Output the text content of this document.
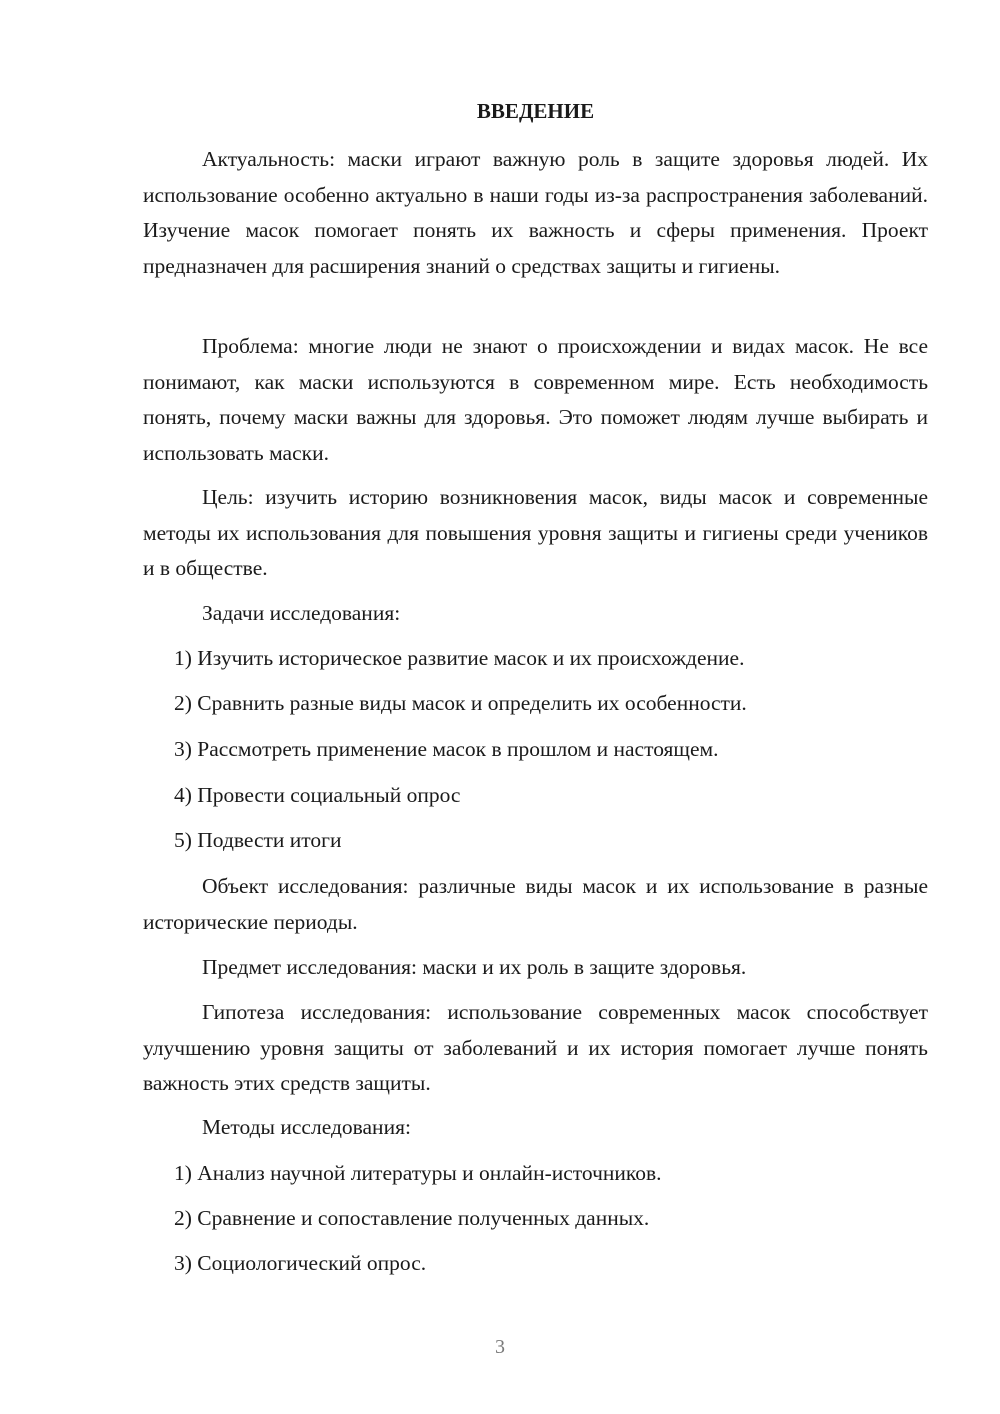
ВВЕДЕНИЕ

Актуальность: маски играют важную роль в защите здоровья людей. Их использование особенно актуально в наши годы из-за распространения заболеваний. Изучение масок помогает понять их важность и сферы применения. Проект предназначен для расширения знаний о средствах защиты и гигиены.

Проблема: многие люди не знают о происхождении и видах масок. Не все понимают, как маски используются в современном мире. Есть необходимость понять, почему маски важны для здоровья. Это поможет людям лучше выбирать и использовать маски.

Цель: изучить историю возникновения масок, виды масок и современные методы их использования для повышения уровня защиты и гигиены среди учеников и в обществе.

Задачи исследования:

1) Изучить историческое развитие масок и их происхождение.

2) Сравнить разные виды масок и определить их особенности.

3) Рассмотреть применение масок в прошлом и настоящем.

4) Провести социальный опрос

5) Подвести итоги

Объект исследования: различные виды масок и их использование в разные исторические периоды.

Предмет исследования: маски и их роль в защите здоровья.

Гипотеза исследования: использование современных масок способствует улучшению уровня защиты от заболеваний и их история помогает лучше понять важность этих средств защиты.

Методы исследования:

1) Анализ научной литературы и онлайн-источников.

2) Сравнение и сопоставление полученных данных.

3) Социологический опрос.

3
